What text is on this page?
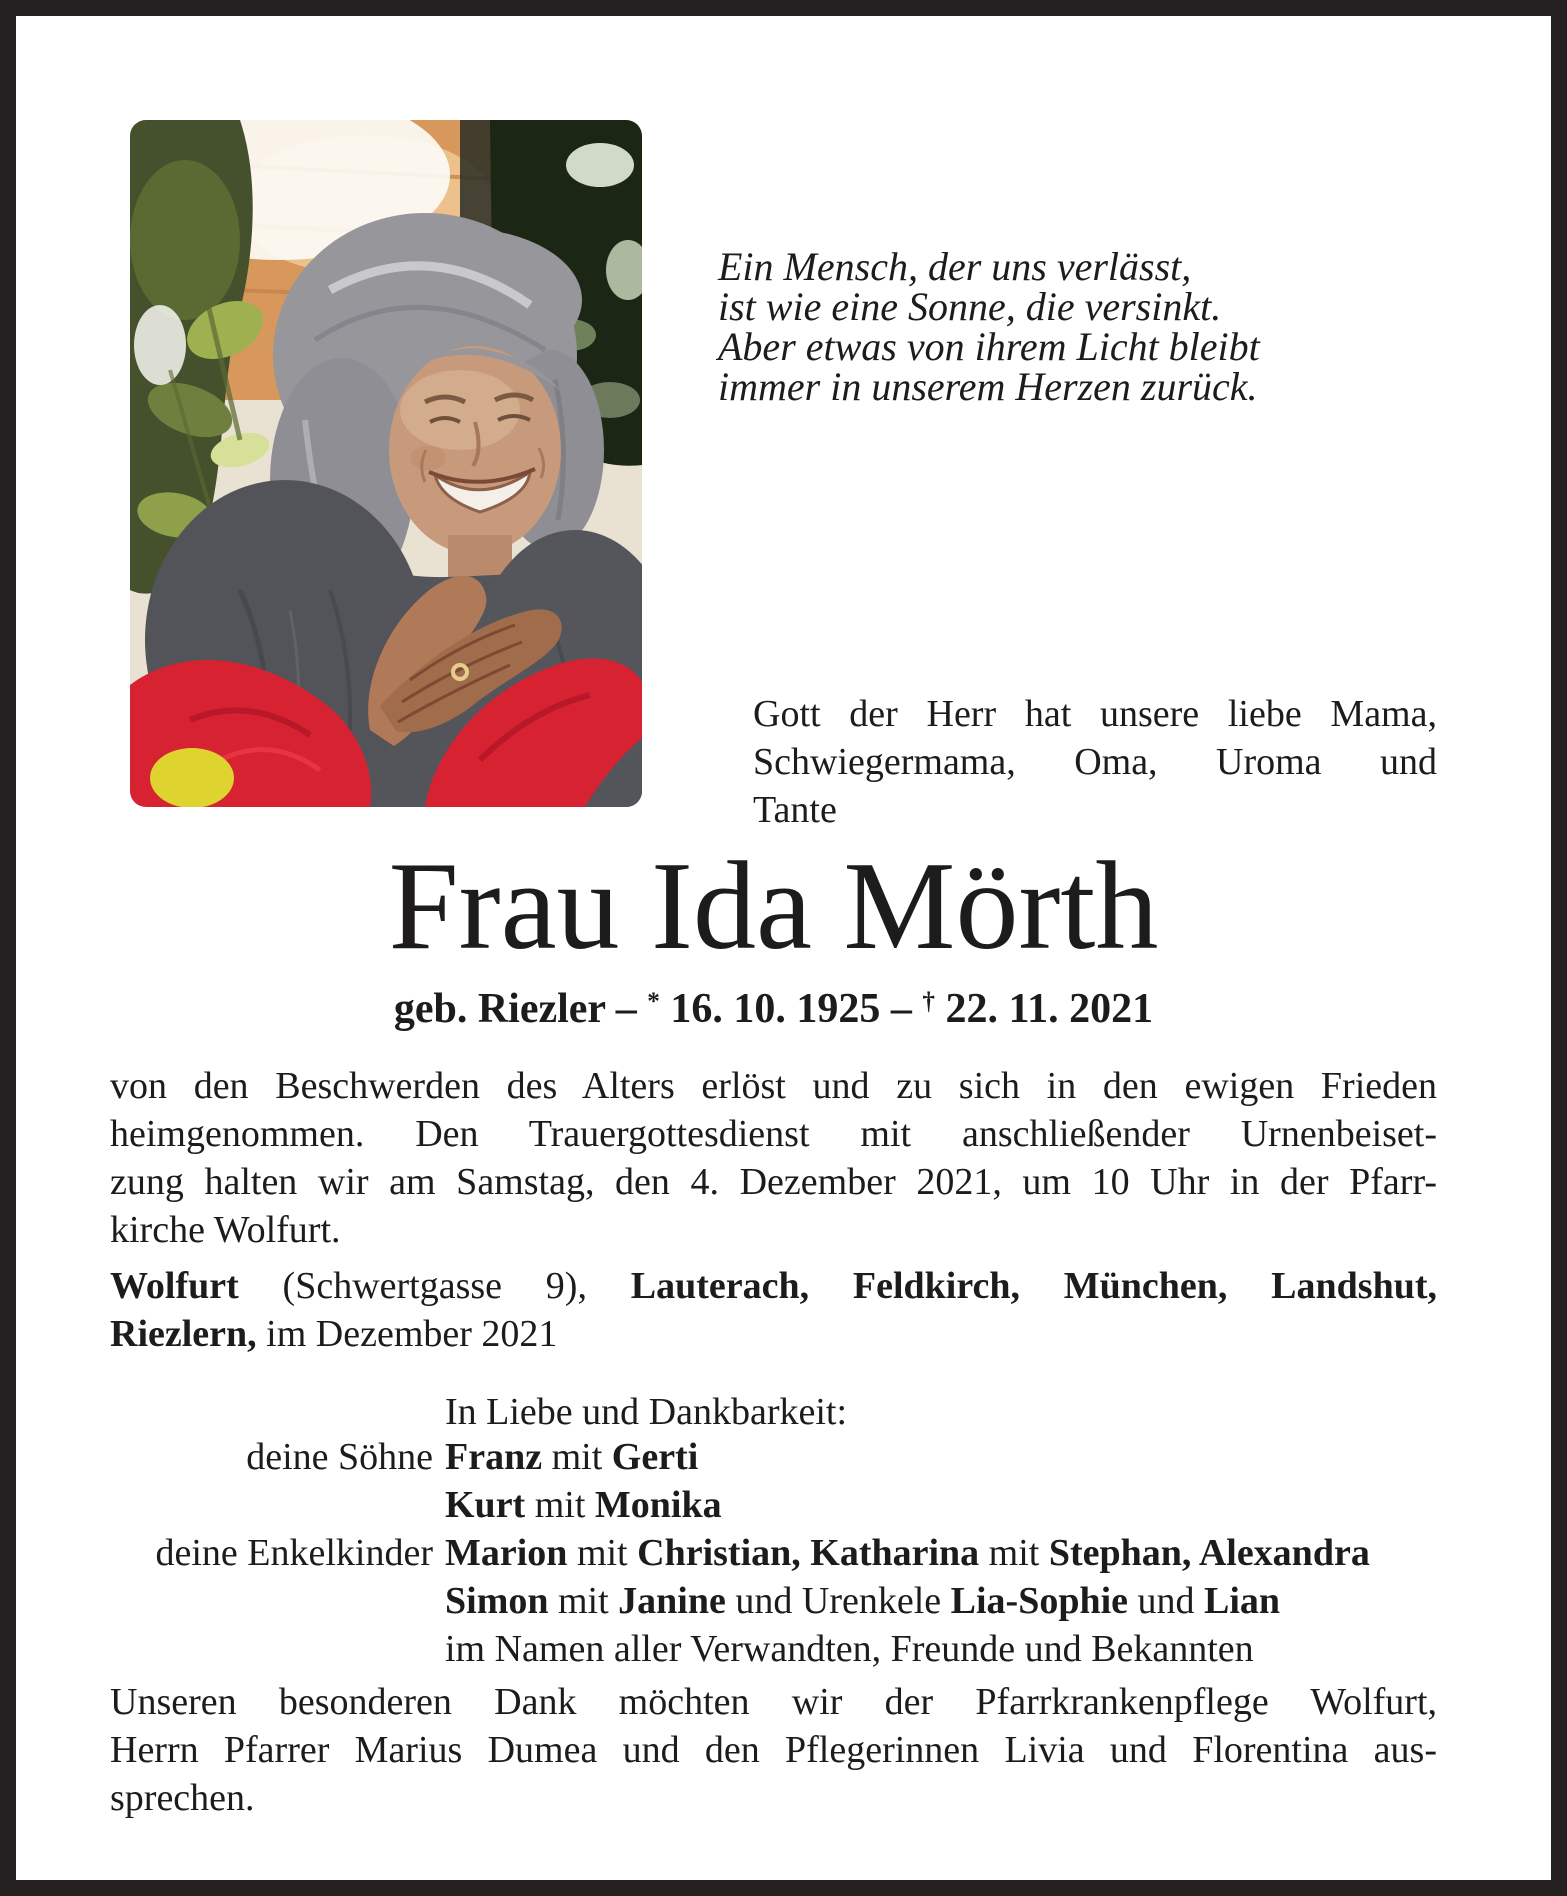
Ein Mensch, der uns verlässt,
ist wie eine Sonne, die versinkt.
Aber etwas von ihrem Licht bleibt
immer in unserem Herzen zurück.
Gott der Herr hat unsere liebe Mama,
Schwiegermama, Oma, Uroma und
Tante
Frau Ida Mörth
geb. Riezler – * 16. 10. 1925 – † 22. 11. 2021
von den Beschwerden des Alters erlöst und zu sich in den ewigen Frieden
heimgenommen. Den Trauergottesdienst mit anschließender Urnenbeiset-
zung halten wir am Samstag, den 4. Dezember 2021, um 10 Uhr in der Pfarr-
kirche Wolfurt.
Wolfurt (Schwertgasse 9), Lauterach, Feldkirch, München, Landshut,
Riezlern, im Dezember 2021
In Liebe und Dankbarkeit:
deine Söhne Franz mit Gerti
Kurt mit Monika
deine Enkelkinder Marion mit Christian, Katharina mit Stephan, Alexandra
Simon mit Janine und Urenkele Lia-Sophie und Lian
im Namen aller Verwandten, Freunde und Bekannten
Unseren besonderen Dank möchten wir der Pfarrkrankenpflege Wolfurt,
Herrn Pfarrer Marius Dumea und den Pflegerinnen Livia und Florentina aus-
sprechen.
